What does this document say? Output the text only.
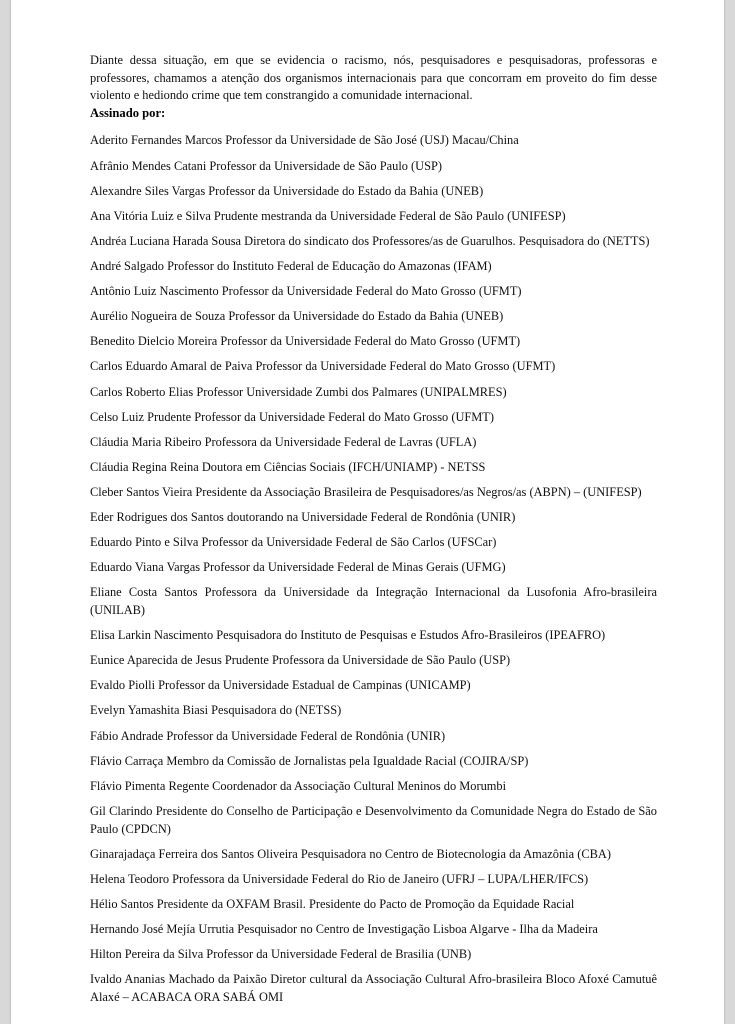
Diante dessa situação, em que se evidencia o racismo, nós, pesquisadores e pesquisadoras, professoras e professores, chamamos a atenção dos organismos internacionais para que concorram em proveito do fim desse violento e hediondo crime que tem constrangido a comunidade internacional.

Assinado por:

Aderito Fernandes Marcos Professor da Universidade de São José (USJ) Macau/China
Afrânio Mendes Catani Professor da Universidade de São Paulo (USP)
Alexandre Siles Vargas Professor da Universidade do Estado da Bahia (UNEB)
Ana Vitória Luiz e Silva Prudente mestranda da Universidade Federal de São Paulo (UNIFESP)
Andréa Luciana Harada Sousa Diretora do sindicato dos Professores/as de Guarulhos. Pesquisadora do (NETTS)
André Salgado Professor do Instituto Federal de Educação do Amazonas (IFAM)
Antônio Luiz Nascimento Professor da Universidade Federal do Mato Grosso (UFMT)
Aurélio Nogueira de Souza Professor da Universidade do Estado da Bahia (UNEB)
Benedito Dielcio Moreira Professor da Universidade Federal do Mato Grosso (UFMT)
Carlos Eduardo Amaral de Paiva Professor da Universidade Federal do Mato Grosso (UFMT)
Carlos Roberto Elias Professor Universidade Zumbi dos Palmares (UNIPALMRES)
Celso Luiz Prudente Professor da Universidade Federal do Mato Grosso (UFMT)
Cláudia Maria Ribeiro Professora da Universidade Federal de Lavras (UFLA)
Cláudia Regina Reina Doutora em Ciências Sociais (IFCH/UNIAMP) - NETSS
Cleber Santos Vieira Presidente da Associação Brasileira de Pesquisadores/as Negros/as (ABPN) – (UNIFESP)
Eder Rodrigues dos Santos doutorando na Universidade Federal de Rondônia (UNIR)
Eduardo Pinto e Silva Professor da Universidade Federal de São Carlos (UFSCar)
Eduardo Viana Vargas Professor da Universidade Federal de Minas Gerais (UFMG)
Eliane Costa Santos Professora da Universidade da Integração Internacional da Lusofonia Afro-brasileira (UNILAB)
Elisa Larkin Nascimento Pesquisadora do Instituto de Pesquisas e Estudos Afro-Brasileiros (IPEAFRO)
Eunice Aparecida de Jesus Prudente Professora da Universidade de São Paulo (USP)
Evaldo Piolli Professor da Universidade Estadual de Campinas (UNICAMP)
Evelyn Yamashita Biasi Pesquisadora do (NETSS)
Fábio Andrade Professor da Universidade Federal de Rondônia (UNIR)
Flávio Carraça Membro da Comissão de Jornalistas pela Igualdade Racial (COJIRA/SP)
Flávio Pimenta Regente Coordenador da Associação Cultural Meninos do Morumbi
Gil Clarindo Presidente do Conselho de Participação e Desenvolvimento da Comunidade Negra do Estado de São Paulo (CPDCN)
Ginarajadaça Ferreira dos Santos Oliveira Pesquisadora no Centro de Biotecnologia da Amazônia (CBA)
Helena Teodoro Professora da Universidade Federal do Rio de Janeiro (UFRJ – LUPA/LHER/IFCS)
Hélio Santos Presidente da OXFAM Brasil. Presidente do Pacto de Promoção da Equidade Racial
Hernando José Mejía Urrutia Pesquisador no Centro de Investigação Lisboa Algarve - Ilha da Madeira
Hilton Pereira da Silva Professor da Universidade Federal de Brasilia (UNB)
Ivaldo Ananias Machado da Paixão Diretor cultural da Associação Cultural Afro-brasileira Bloco Afoxé Camutuê Alaxé – ACABACA ORA SABÁ OMI
